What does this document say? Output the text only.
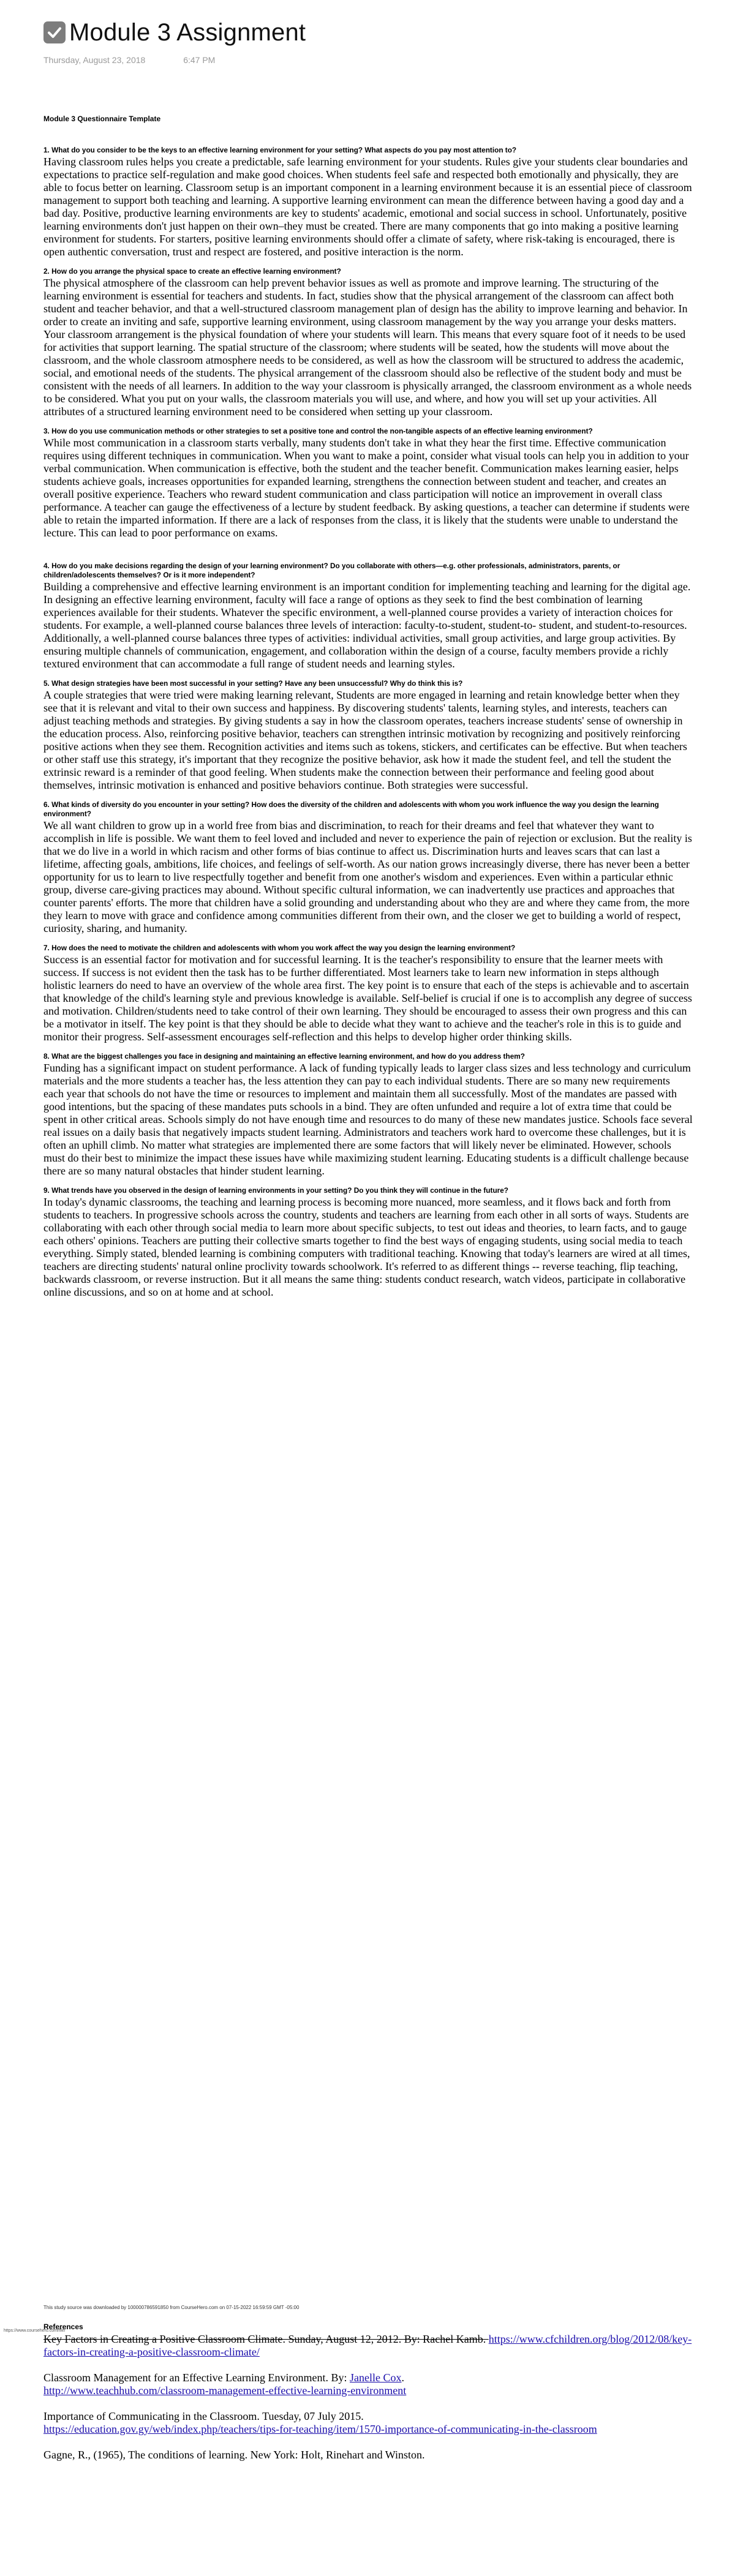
Module 3 Assignment
Thursday, August 23, 2018	6:47 PM

Module 3 Questionnaire Template

1. What do you consider to be the keys to an effective learning environment for your setting? What aspects do you pay most attention to?

Having classroom rules helps you create a predictable, safe learning environment for your students. Rules give your students clear boundaries and expectations to practice self-regulation and make good choices. When students feel safe and respected both emotionally and physically, they are able to focus better on learning. Classroom setup is an important component in a learning environment because it is an essential piece of classroom management to support both teaching and learning. A supportive learning environment can mean the difference between having a good day and a bad day. Positive, productive learning environments are key to students' academic, emotional and social success in school. Unfortunately, positive learning environments don't just happen on their own–they must be created. There are many components that go into making a positive learning environment for students. For starters, positive learning environments should offer a climate of safety, where risk-taking is encouraged, there is open authentic conversation, trust and respect are fostered, and positive interaction is the norm.

2. How do you arrange the physical space to create an effective learning environment?

The physical atmosphere of the classroom can help prevent behavior issues as well as promote and improve learning. The structuring of the learning environment is essential for teachers and students. In fact, studies show that the physical arrangement of the classroom can affect both student and teacher behavior, and that a well-structured classroom management plan of design has the ability to improve learning and behavior. In order to create an inviting and safe, supportive learning environment, using classroom management by the way you arrange your desks matters. Your classroom arrangement is the physical foundation of where your students will learn. This means that every square foot of it needs to be used for activities that support learning. The spatial structure of the classroom; where students will be seated, how the students will move about the classroom, and the whole classroom atmosphere needs to be considered, as well as how the classroom will be structured to address the academic, social, and emotional needs of the students. The physical arrangement of the classroom should also be reflective of the student body and must be consistent with the needs of all learners. In addition to the way your classroom is physically arranged, the classroom environment as a whole needs to be considered. What you put on your walls, the classroom materials you will use, and where, and how you will set up your activities. All attributes of a structured learning environment need to be considered when setting up your classroom.

3. How do you use communication methods or other strategies to set a positive tone and control the non-tangible aspects of an effective learning environment?

While most communication in a classroom starts verbally, many students don't take in what they hear the first time. Effective communication requires using different techniques in communication. When you want to make a point, consider what visual tools can help you in addition to your verbal communication. When communication is effective, both the student and the teacher benefit. Communication makes learning easier, helps students achieve goals, increases opportunities for expanded learning, strengthens the connection between student and teacher, and creates an overall positive experience. Teachers who reward student communication and class participation will notice an improvement in overall class performance. A teacher can gauge the effectiveness of a lecture by student feedback. By asking questions, a teacher can determine if students were able to retain the imparted information. If there are a lack of responses from the class, it is likely that the students were unable to understand the lecture. This can lead to poor performance on exams.

4. How do you make decisions regarding the design of your learning environment? Do you collaborate with others—e.g. other professionals, administrators, parents, or children/adolescents themselves? Or is it more independent?

Building a comprehensive and effective learning environment is an important condition for implementing teaching and learning for the digital age. In designing an effective learning environment, faculty will face a range of options as they seek to find the best combination of learning experiences available for their students. Whatever the specific environment, a well-planned course provides a variety of interaction choices for students. For example, a well-planned course balances three levels of interaction: faculty-to-student, student-to- student, and student-to-resources. Additionally, a well-planned course balances three types of activities: individual activities, small group activities, and large group activities. By ensuring multiple channels of communication, engagement, and collaboration within the design of a course, faculty members provide a richly textured environment that can accommodate a full range of student needs and learning styles.

5. What design strategies have been most successful in your setting? Have any been unsuccessful? Why do think this is?

A couple strategies that were tried were making learning relevant, Students are more engaged in learning and retain knowledge better when they see that it is relevant and vital to their own success and happiness. By discovering students' talents, learning styles, and interests, teachers can adjust teaching methods and strategies. By giving students a say in how the classroom operates, teachers increase students' sense of ownership in the education process. Also, reinforcing positive behavior, teachers can strengthen intrinsic motivation by recognizing and positively reinforcing positive actions when they see them. Recognition activities and items such as tokens, stickers, and certificates can be effective. But when teachers or other staff use this strategy, it's important that they recognize the positive behavior, ask how it made the student feel, and tell the student the extrinsic reward is a reminder of that good feeling. When students make the connection between their performance and feeling good about themselves, intrinsic motivation is enhanced and positive behaviors continue. Both strategies were successful.

6. What kinds of diversity do you encounter in your setting? How does the diversity of the children and adolescents with whom you work influence the way you design the learning environment?

We all want children to grow up in a world free from bias and discrimination, to reach for their dreams and feel that whatever they want to accomplish in life is possible. We want them to feel loved and included and never to experience the pain of rejection or exclusion. But the reality is that we do live in a world in which racism and other forms of bias continue to affect us. Discrimination hurts and leaves scars that can last a lifetime, affecting goals, ambitions, life choices, and feelings of self-worth. As our nation grows increasingly diverse, there has never been a better opportunity for us to learn to live respectfully together and benefit from one another's wisdom and experiences. Even within a particular ethnic group, diverse care-giving practices may abound. Without specific cultural information, we can inadvertently use practices and approaches that counter parents' efforts. The more that children have a solid grounding and understanding about who they are and where they came from, the more they learn to move with grace and confidence among communities different from their own, and the closer we get to building a world of respect, curiosity, sharing, and humanity.

7. How does the need to motivate the children and adolescents with whom you work affect the way you design the learning environment?

Success is an essential factor for motivation and for successful learning. It is the teacher's responsibility to ensure that the learner meets with success. If success is not evident then the task has to be further differentiated. Most learners take to learn new information in steps although holistic learners do need to have an overview of the whole area first. The key point is to ensure that each of the steps is achievable and to ascertain that knowledge of the child's learning style and previous knowledge is available. Self-belief is crucial if one is to accomplish any degree of success and motivation. Children/students need to take control of their own learning. They should be encouraged to assess their own progress and this can be a motivator in itself. The key point is that they should be able to decide what they want to achieve and the teacher's role in this is to guide and monitor their progress. Self-assessment encourages self-reflection and this helps to develop higher order thinking skills.

8. What are the biggest challenges you face in designing and maintaining an effective learning environment, and how do you address them?

Funding has a significant impact on student performance. A lack of funding typically leads to larger class sizes and less technology and curriculum materials and the more students a teacher has, the less attention they can pay to each individual students. There are so many new requirements each year that schools do not have the time or resources to implement and maintain them all successfully. Most of the mandates are passed with good intentions, but the spacing of these mandates puts schools in a bind. They are often unfunded and require a lot of extra time that could be spent in other critical areas. Schools simply do not have enough time and resources to do many of these new mandates justice. Schools face several real issues on a daily basis that negatively impacts student learning. Administrators and teachers work hard to overcome these challenges, but it is often an uphill climb. No matter what strategies are implemented there are some factors that will likely never be eliminated. However, schools must do their best to minimize the impact these issues have while maximizing student learning. Educating students is a difficult challenge because there are so many natural obstacles that hinder student learning.

9. What trends have you observed in the design of learning environments in your setting? Do you think they will continue in the future?

In today's dynamic classrooms, the teaching and learning process is becoming more nuanced, more seamless, and it flows back and forth from students to teachers. In progressive schools across the country, students and teachers are learning from each other in all sorts of ways. Students are collaborating with each other through social media to learn more about specific subjects, to test out ideas and theories, to learn facts, and to gauge each others' opinions. Teachers are putting their collective smarts together to find the best ways of engaging students, using social media to teach everything. Simply stated, blended learning is combining computers with traditional teaching. Knowing that today's learners are wired at all times, teachers are directing students' natural online proclivity towards schoolwork. It's referred to as different things -- reverse teaching, flip teaching, backwards classroom, or reverse instruction. But it all means the same thing: students conduct research, watch videos, participate in collaborative online discussions, and so on at home and at school.

This study source was downloaded by 100000786591850 from CourseHero.com on 07-15-2022 16:59:59 GMT -05:00
https://www.coursehero.com/file/

References

Key Factors in Creating a Positive Classroom Climate. Sunday, August 12, 2012. By: Rachel Kamb. https://www.cfchildren.org/blog/2012/08/key-factors-in-creating-a-positive-classroom-climate/

Classroom Management for an Effective Learning Environment. By: Janelle Cox.
http://www.teachhub.com/classroom-management-effective-learning-environment

Importance of Communicating in the Classroom. Tuesday, 07 July 2015.
https://education.gov.gy/web/index.php/teachers/tips-for-teaching/item/1570-importance-of-communicating-in-the-classroom

Gagne, R., (1965), The conditions of learning. New York: Holt, Rinehart and Winston.
